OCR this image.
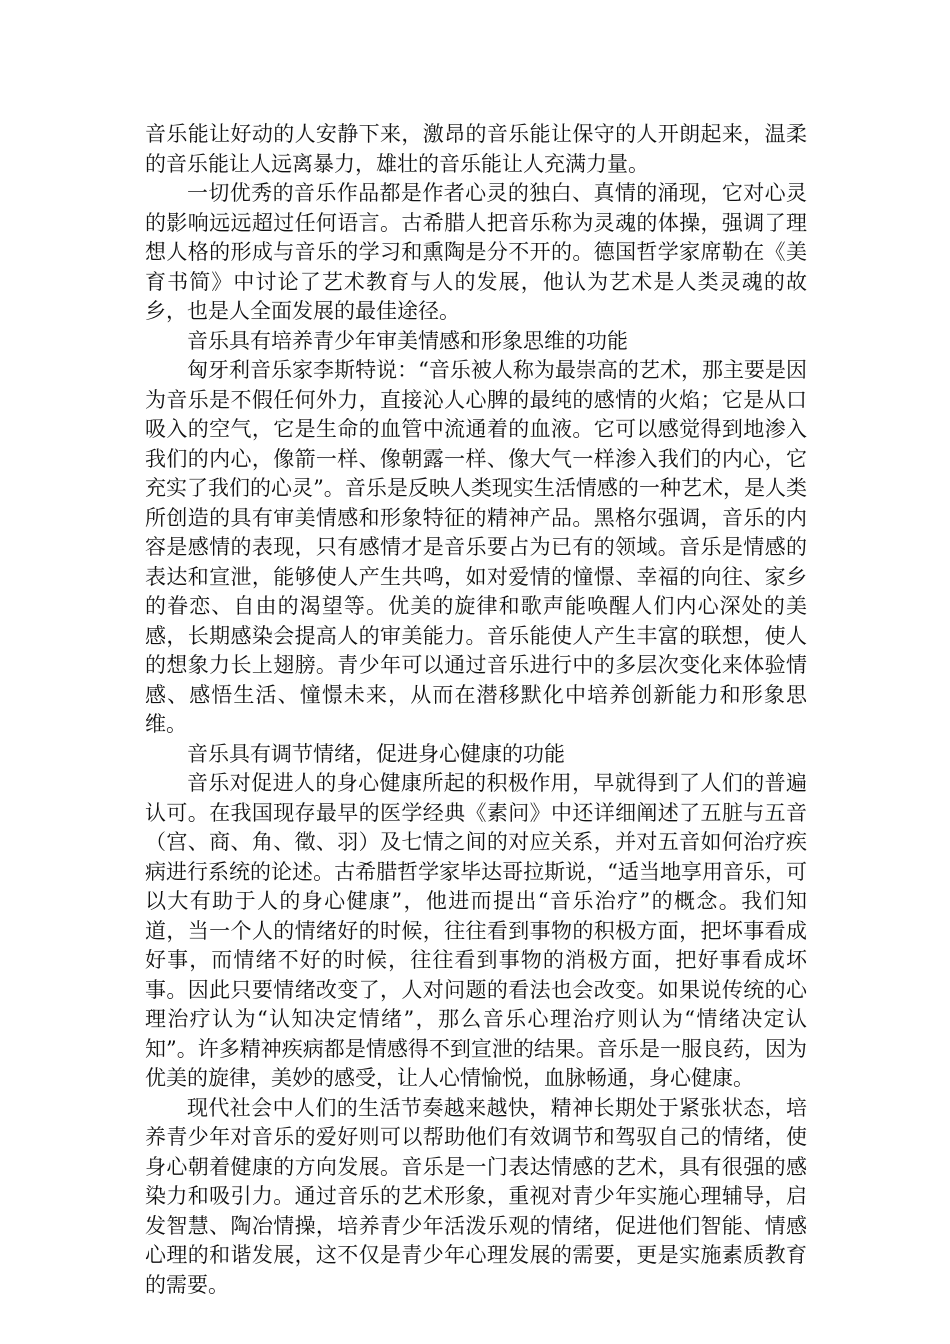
音乐能让好动的人安静下来，激昂的音乐能让保守的人开朗起来，温柔的音乐能让人远离暴力，雄壮的音乐能让人充满力量。

一切优秀的音乐作品都是作者心灵的独白、真情的涌现，它对心灵的影响远远超过任何语言。古希腊人把音乐称为灵魂的体操，强调了理想人格的形成与音乐的学习和熏陶是分不开的。德国哲学家席勒在《美育书简》中讨论了艺术教育与人的发展，他认为艺术是人类灵魂的故乡，也是人全面发展的最佳途径。

音乐具有培养青少年审美情感和形象思维的功能

匈牙利音乐家李斯特说：“音乐被人称为最崇高的艺术，那主要是因为音乐是不假任何外力，直接沁人心脾的最纯的感情的火焰；它是从口吸入的空气，它是生命的血管中流通着的血液。它可以感觉得到地渗入我们的内心，像箭一样、像朝露一样、像大气一样渗入我们的内心，它充实了我们的心灵”。音乐是反映人类现实生活情感的一种艺术，是人类所创造的具有审美情感和形象特征的精神产品。黑格尔强调，音乐的内容是感情的表现，只有感情才是音乐要占为已有的领域。音乐是情感的表达和宣泄，能够使人产生共鸣，如对爱情的憧憬、幸福的向往、家乡的眷恋、自由的渴望等。优美的旋律和歌声能唤醒人们内心深处的美感，长期感染会提高人的审美能力。音乐能使人产生丰富的联想，使人的想象力长上翅膀。青少年可以通过音乐进行中的多层次变化来体验情感、感悟生活、憧憬未来，从而在潜移默化中培养创新能力和形象思维。

音乐具有调节情绪，促进身心健康的功能

音乐对促进人的身心健康所起的积极作用，早就得到了人们的普遍认可。在我国现存最早的医学经典《素问》中还详细阐述了五脏与五音（宫、商、角、徵、羽）及七情之间的对应关系，并对五音如何治疗疾病进行系统的论述。古希腊哲学家毕达哥拉斯说，“适当地享用音乐，可以大有助于人的身心健康”，他进而提出“音乐治疗”的概念。我们知道，当一个人的情绪好的时候，往往看到事物的积极方面，把坏事看成好事，而情绪不好的时候，往往看到事物的消极方面，把好事看成坏事。因此只要情绪改变了，人对问题的看法也会改变。如果说传统的心理治疗认为“认知决定情绪”，那么音乐心理治疗则认为“情绪决定认知”。许多精神疾病都是情感得不到宣泄的结果。音乐是一服良药，因为优美的旋律，美妙的感受，让人心情愉悦，血脉畅通，身心健康。

现代社会中人们的生活节奏越来越快，精神长期处于紧张状态，培养青少年对音乐的爱好则可以帮助他们有效调节和驾驭自己的情绪，使身心朝着健康的方向发展。音乐是一门表达情感的艺术，具有很强的感染力和吸引力。通过音乐的艺术形象，重视对青少年实施心理辅导，启发智慧、陶冶情操，培养青少年活泼乐观的情绪，促进他们智能、情感心理的和谐发展，这不仅是青少年心理发展的需要，更是实施素质教育的需要。
